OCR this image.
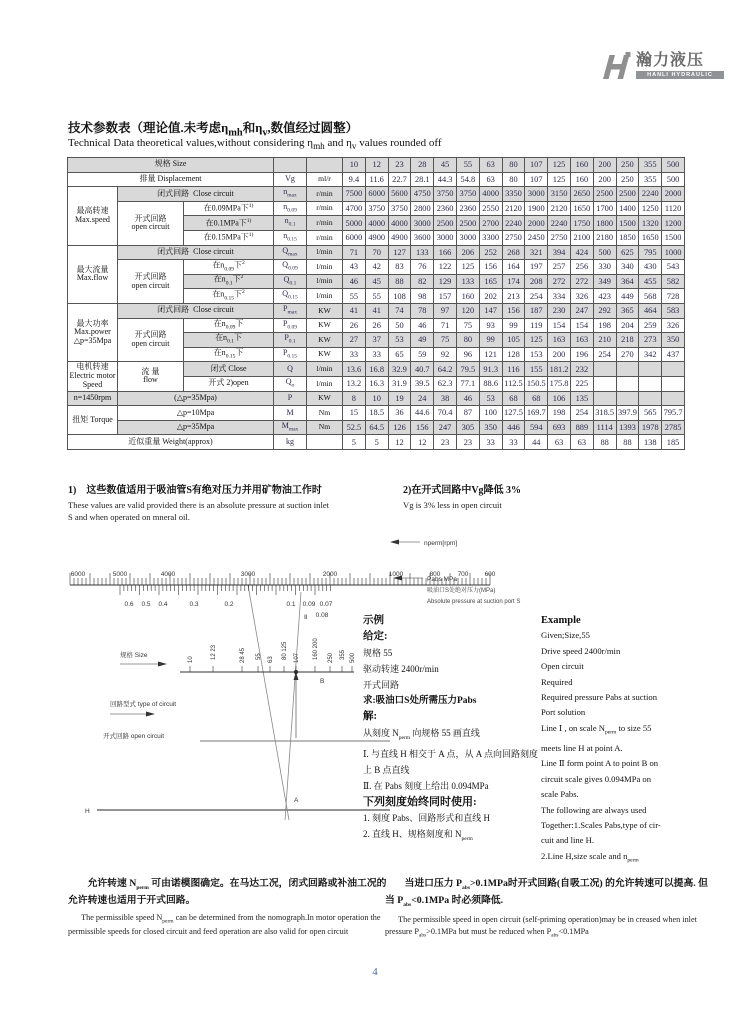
瀚力液压
HANLI HYDRAULIC
技术参数表（理论值.未考虑$\eta_{mh}$和$\eta_v$,数值经过圆整）
Technical Data theoretical values,without considering $\eta_{mh}$ and $\eta_v$ values rounded off
规格 Size					10	12	23	28	45	55	63	80	107	125	160	200	250	355	500
排量 Displacement			Vg	ml/r	9.4	11.6	22.7	28.1	44.3	54.8	63	80	107	125	160	200	250	355	500
最高转速
Max.speed	闭式回路  Close circuit		$n_{max}$	r/min	7500	6000	5600	4750	3750	3750	4000	3350	3000	3150	2650	2500	2500	2240	2000
	开式回路
open circuit	在0.09MPa下$^{1)}$	$n_{0.09}$	r/min	4700	3750	3750	2800	2360	2360	2550	2120	1900	2120	1650	1700	1400	1250	1120
		在0.1MPa下$^{1)}$	$n_{0.1}$	r/min	5000	4000	4000	3000	2500	2500	2700	2240	2000	2240	1750	1800	1500	1320	1200
		在0.15MPa下$^{1)}$	$n_{0.15}$	r/min	6000	4900	4900	3600	3000	3000	3300	2750	2450	2750	2100	2180	1850	1650	1500
最大流量
Max.flow	闭式回路  Close circuit		$Q_{max}$	l/min	71	70	127	133	166	206	252	268	321	394	424	500	625	795	1000
	开式回路
open circuit	在$n_{0.09}$下$^2$	$Q_{0.09}$	l/min	43	42	83	76	122	125	156	164	197	257	256	330	340	430	543
		在$n_{0.1}$下$^2$	$Q_{0.1}$	l/min	46	45	88	82	129	133	165	174	208	272	272	349	364	455	582
		在$n_{0.15}$下$^2$	$Q_{0.15}$	l/min	55	55	108	98	157	160	202	213	254	334	326	423	449	568	728
最大功率
Max.power
△p=35Mpa	闭式回路  Close circuit		$P_{max}$	KW	41	41	74	78	97	120	147	156	187	230	247	292	365	464	583
	开式回路
open circuit	在$n_{0.09}$下	$P_{0.09}$	KW	26	26	50	46	71	75	93	99	119	154	154	198	204	259	326
		在$n_{0.1}$下	$P_{0.1}$	KW	27	37	53	49	75	80	99	105	125	163	163	210	218	273	350
		在$n_{0.15}$下	$P_{0.15}$	KW	33	33	65	59	92	96	121	128	153	200	196	254	270	342	437
电机转速
Electric motor
Speed	流 量
flow	闭式 Close	Q	l/min	13.6	16.8	32.9	40.7	64.2	79.5	91.3	116	155	181.2	232				
		开式 2)open	$Q_o$	l/min	13.2	16.3	31.9	39.5	62.3	77.1	88.6	112.5	150.5	175.8	225				
n=1450rpm	(△p=35Mpa)		P	KW	8	10	19	24	38	46	53	68	68	106	135				
扭矩 Torque	△p=10Mpa		M	Nm	15	18.5	36	44.6	70.4	87	100	127.5	169.7	198	254	318.5	397.9	565	795.7
	△p=35Mpa		$M_{max}$	Nm	52.5	64.5	126	156	247	305	350	446	594	693	889	1114	1393	1978	2785
近似重量 Weight(approx)			kg		5	5	12	12	23	23	33	33	44	63	63	88	88	138	185
1)　这些数值适用于吸油管S有绝对压力并用矿物油工作时
These values are valid provided there is an absolute pressure at suction inlet
S and when operated on mneral oil.
2)在开式回路中Vg降低 3%
Vg is 3% less in open circuit
nperm[rpm]
Pabs MPa
吸油口S处绝对压力(MPa)
Absolute pressure at suction port S
规格 Size
回路型式 type of circuit
开式回路 open circuit
H
B
A
Ⅱ
6000	5000	4000	3000	2000	1000	800	700 600
0.6 0.5 0.4	0.3	0.2	0.1 0.09 0.07
0.08
10	12 23	28 45 55 63 80 125 107 160 200 250 355 500
示例
给定:
规格 55
驱动转速 2400r/min
开式回路
求:吸油口S处所需压力Pabs
解:
从刻度 $N_{perm}$ 向规格 55 画直线
Ⅰ. 与直线 H 相交于 A 点，从 A 点向回路刻度上 B 点直线
Ⅱ. 在 Pabs 刻度上给出 0.094MPa
下列刻度始终同时使用:
1. 刻度 Pabs、回路形式和直线 H
2. 直线 H、规格刻度和 $N_{perm}$
Example
Given;Size,55
Drive speed 2400r/min
Open circuit
Required
Required pressure Pabs at suction
Port solution
Line Ⅰ , on scale $N_{perm}$ to size 55
meets line H at point A.
Line Ⅱ form point A to point B on
circuit scale gives 0.094MPa on
scale Pabs.
The following are always used
Together:1.Scales Pabs,type of cir-
cuit and line H.
2.Line H,size scale and $n_{perm}$
允许转速 $N_{perm}$ 可由诺模图确定。在马达工况，闭式回路或补油工况的允许转速也适用于开式回路。
The permissible speed $N_{perm}$ can be determined from the nomograph.In motor operation the permissible speeds for closed circuit and feed operation are also valid for open circuit
当进口压力 $P_{abs}>0.1MPa$时开式回路(自吸工况) 的允许转速可以提高. 但当 $P_{abs}<0.1MPa$ 时必须降低.
The permissible speed in open circuit (self-priming operation)may be in creased when inlet pressure $P_{abs}>0.1MPa$ but must be reduced when $P_{abs}<0.1MPa$
4
